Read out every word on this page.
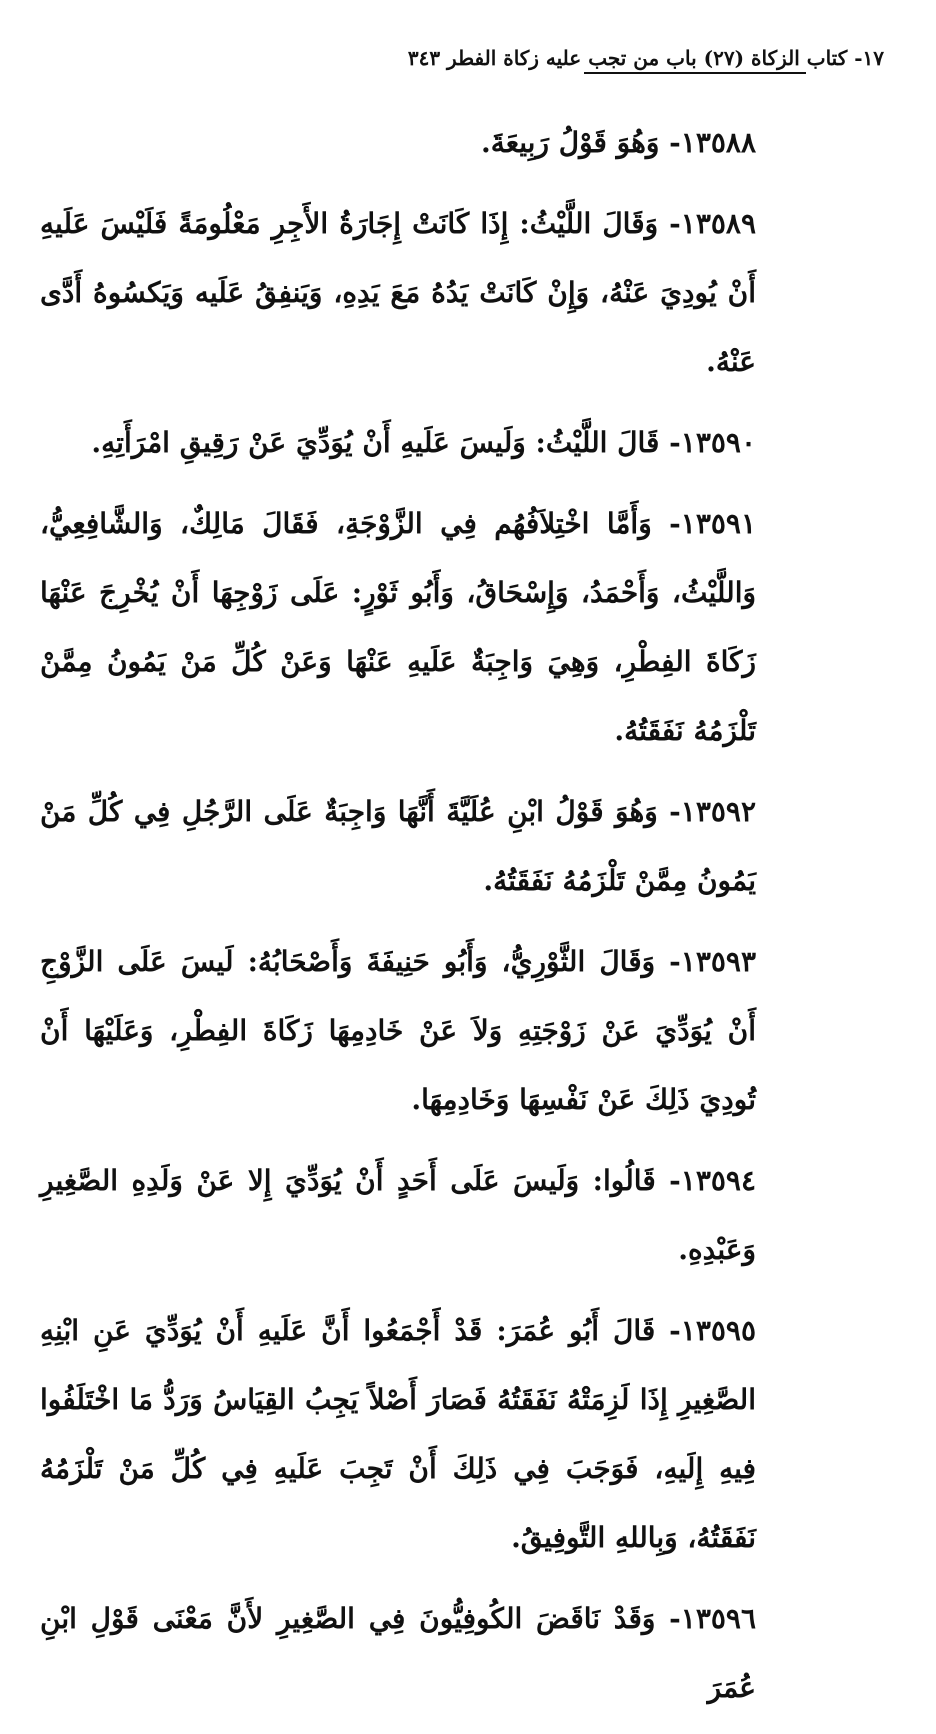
١٧- كتاب الزكاة (٢٧) باب من تجب عليه زكاة الفطر ٣٤٣

١٣٥٨٨- وَهُوَ قَوْلُ رَبِيعَةَ.

١٣٥٨٩- وَقَالَ اللَّيْثُ: إِذَا كَانَتْ إِجَارَةُ الأَجِرِ مَعْلُومَةً فَلَيْسَ عَلَيهِ أَنْ يُودِيَ عَنْهُ، وَإِنْ كَانَتْ يَدُهُ مَعَ يَدِهِ، وَيَنفِقُ عَلَيه وَيَكسُوهُ أَدَّى عَنْهُ.

١٣٥٩٠- قَالَ اللَّيْثُ: وَلَيسَ عَلَيهِ أَنْ يُوَدِّيَ عَنْ رَقِيقِ امْرَأَتِهِ.

١٣٥٩١- وَأَمَّا اخْتِلاَفُهُم فِي الزَّوْجَةِ، فَقَالَ مَالِكٌ، وَالشَّافِعِيُّ، وَاللَّيْثُ، وَأَحْمَدُ، وَإِسْحَاقُ، وَأَبُو ثَوْرٍ: عَلَى زَوْجِهَا أَنْ يُخْرِجَ عَنْهَا زَكَاةَ الفِطْرِ، وَهِيَ وَاجِبَةٌ عَلَيهِ عَنْهَا وَعَنْ كُلِّ مَنْ يَمُونُ مِمَّنْ تَلْزَمُهُ نَفَقَتُهُ.

١٣٥٩٢- وَهُوَ قَوْلُ ابْنِ عُلَيَّةَ أَنَّهَا وَاجِبَةٌ عَلَى الرَّجُلِ فِي كُلِّ مَنْ يَمُونُ مِمَّنْ تَلْزَمُهُ نَفَقَتُهُ.

١٣٥٩٣- وَقَالَ الثَّوْرِيُّ، وَأَبُو حَنِيفَةَ وَأَصْحَابُهُ: لَيسَ عَلَى الزَّوْجِ أَنْ يُوَدِّيَ عَنْ زَوْجَتِهِ وَلاَ عَنْ خَادِمِهَا زَكَاةَ الفِطْرِ، وَعَلَيْهَا أَنْ تُودِيَ ذَلِكَ عَنْ نَفْسِهَا وَخَادِمِهَا.

١٣٥٩٤- قَالُوا: وَلَيسَ عَلَى أَحَدٍ أَنْ يُوَدِّيَ إِلا عَنْ وَلَدِهِ الصَّغِيرِ وَعَبْدِهِ.

١٣٥٩٥- قَالَ أَبُو عُمَرَ: قَدْ أَجْمَعُوا أَنَّ عَلَيهِ أَنْ يُوَدِّيَ عَنِ ابْنِهِ الصَّغِيرِ إِذَا لَزِمَتْهُ نَفَقَتُهُ فَصَارَ أَصْلاً يَجِبُ القِيَاسُ وَرَدُّ مَا اخْتَلَفُوا فِيهِ إِلَيهِ، فَوَجَبَ فِي ذَلِكَ أَنْ تَجِبَ عَلَيهِ فِي كُلِّ مَنْ تَلْزَمُهُ نَفَقَتُهُ، وَبِاللهِ التَّوفِيقُ.

١٣٥٩٦- وَقَدْ نَاقَضَ الكُوفِيُّونَ فِي الصَّغِيرِ لأَنَّ مَعْنَى قَوْلِ ابْنِ عُمَرَ
